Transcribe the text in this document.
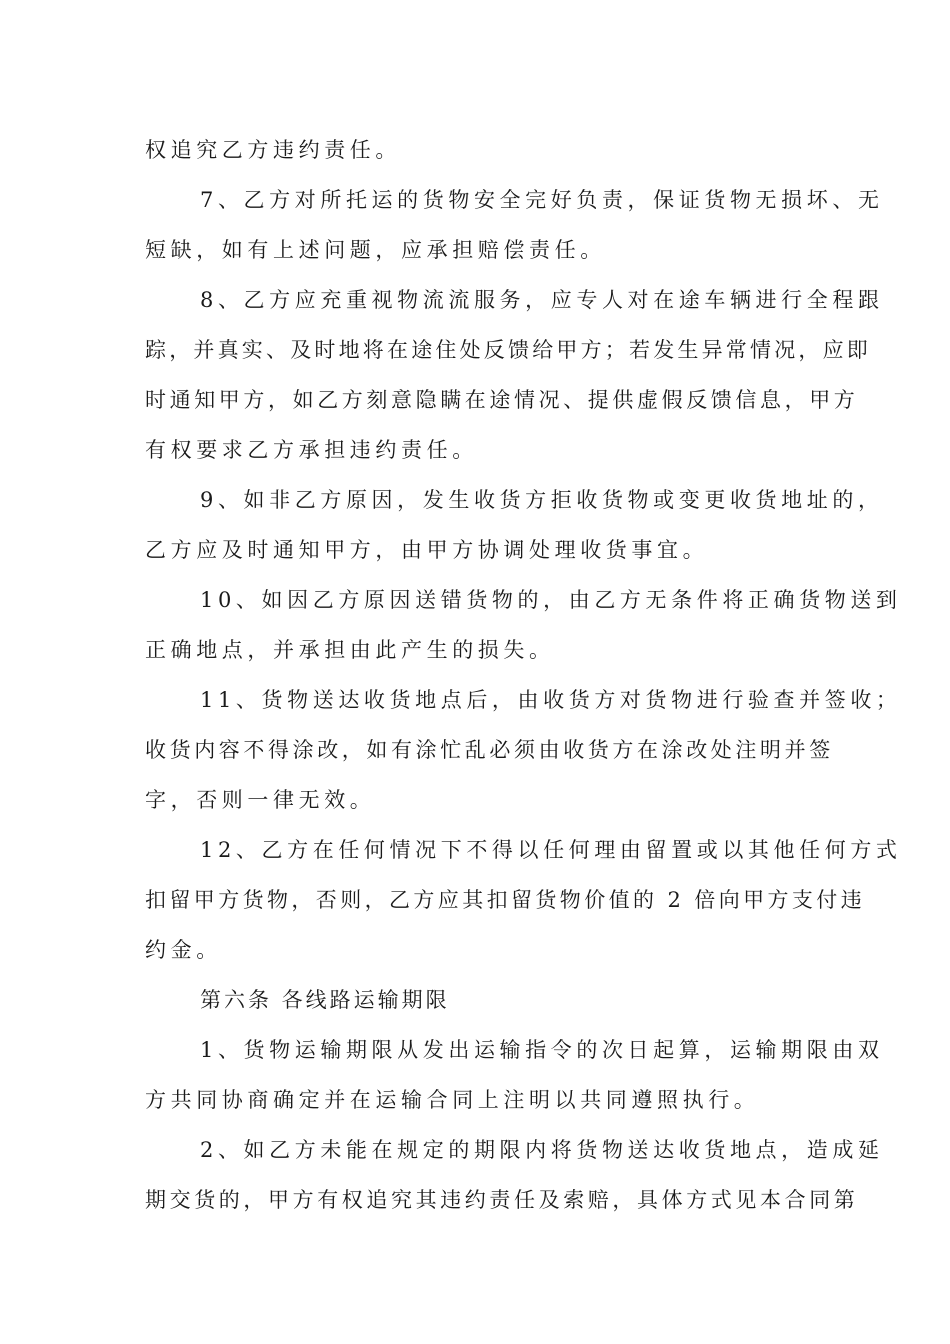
权追究乙方违约责任。
7、乙方对所托运的货物安全完好负责，保证货物无损坏、无
短缺，如有上述问题，应承担赔偿责任。
8、乙方应充重视物流流服务，应专人对在途车辆进行全程跟
踪，并真实、及时地将在途住处反馈给甲方；若发生异常情况，应即
时通知甲方，如乙方刻意隐瞒在途情况、提供虚假反馈信息，甲方
有权要求乙方承担违约责任。
9、如非乙方原因，发生收货方拒收货物或变更收货地址的，
乙方应及时通知甲方，由甲方协调处理收货事宜。
10、如因乙方原因送错货物的，由乙方无条件将正确货物送到
正确地点，并承担由此产生的损失。
11、货物送达收货地点后，由收货方对货物进行验查并签收；
收货内容不得涂改，如有涂忙乱必须由收货方在涂改处注明并签
字，否则一律无效。
12、乙方在任何情况下不得以任何理由留置或以其他任何方式
扣留甲方货物，否则，乙方应其扣留货物价值的 2 倍向甲方支付违
约金。
第六条 各线路运输期限
1、货物运输期限从发出运输指令的次日起算，运输期限由双
方共同协商确定并在运输合同上注明以共同遵照执行。
2、如乙方未能在规定的期限内将货物送达收货地点，造成延
期交货的，甲方有权追究其违约责任及索赔，具体方式见本合同第
